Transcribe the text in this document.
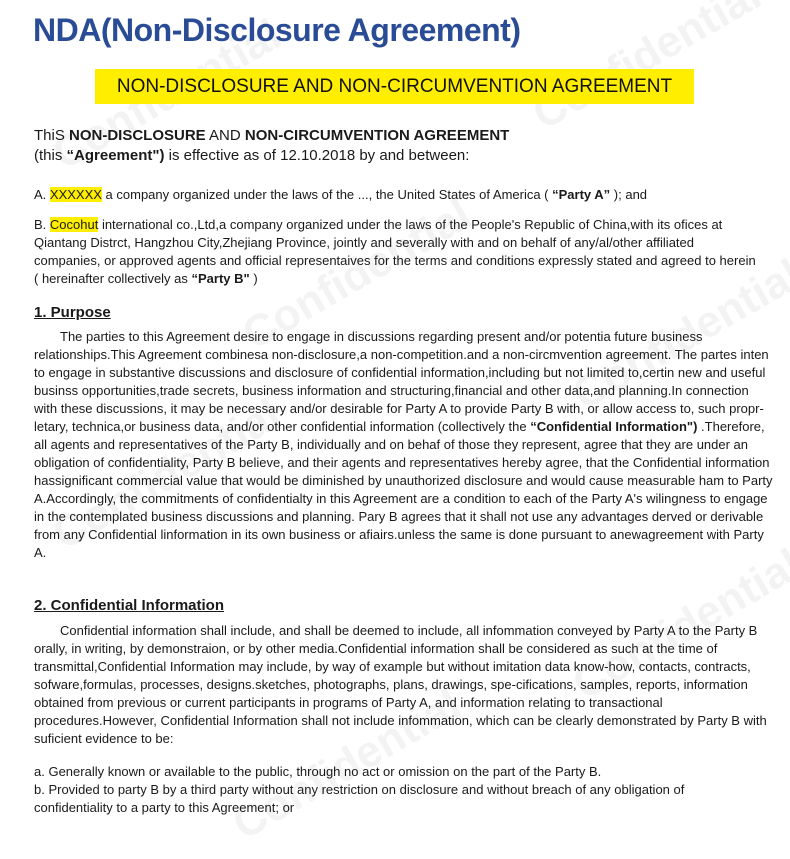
NDA(Non-Disclosure Agreement)
NON-DISCLOSURE AND NON-CIRCUMVENTION AGREEMENT

ThiS NON-DISCLOSURE AND NON-CIRCUMVENTION AGREEMENT

(this “Agreement") is effective as of 12.10.2018 by and between:

A. XXXXXX a company organized under the laws of the ..., the United States of America ( “Party A” ); and

B. Cocohut international co.,Ltd,a company organized under the laws of the People's Republic of China,with its ofices at Qiantang Distrct, Hangzhou City,Zhejiang Province, jointly and severally with and on behalf of any/al/other affiliated companies, or approved agents and official representaives for the terms and conditions expressly stated and agreed to herein ( hereinafter collectively as “Party B" )

1. Purpose

The parties to this Agreement desire to engage in discussions regarding present and/or potentia future business relationships.This Agreement combinesa non-disclosure,a non-competition.and a non-circmvention agreement. The partes inten to engage in substantive discussions and disclosure of confidential information,including but not limited to,certin new and useful businss opportunities,trade secrets, business information and structuring,financial and other data,and planning.In connection with these discussions, it may be necessary and/or desirable for Party A to provide Party B with, or allow access to, such proprletary, technica,or business data, and/or other confidential information (collectively the “Confidential Information") .Therefore, all agents and representatives of the Party B, individually and on behaf of those they represent, agree that they are under an obligation of confidentiality, Party B believe, and their agents and representatives hereby agree, that the Confidential information hassignificant commercial value that would be diminished by unauthorized disclosure and would cause measurable ham to Party A.Accordingly, the commitments of confidentialty in this Agreement are a condition to each of the Party A's wilingness to engage in the contemplated business discussions and planning. Pary B agrees that it shall not use any advantages derved or derivable from any Confidential linformation in its own business or afiairs.unless the same is done pursuant to anewagreement with Party A.

2. Confidential Information

Confidential information shall include, and shall be deemed to include, all infommation conveyed by Party A to the Party B orally, in writing, by demonstraion, or by other media.Confidential information shall be considered as such at the time of transmittal,Confidential Information may include, by way of example but without imitation data know-how, contacts, contracts, sofware,formulas, processes, designs.sketches, photographs, plans, drawings, spe-cifications, samples, reports, information obtained from previous or current participants in programs of Party A, and information relating to transactional procedures.However, Confidential Information shall not include infommation, which can be clearly demonstrated by Party B with suficient evidence to be:

a. Generally known or available to the public, through no act or omission on the part of the Party B.

b. Provided to party B by a third party without any restriction on disclosure and without breach of any obligation of confidentiality to a party to this Agreement; or
